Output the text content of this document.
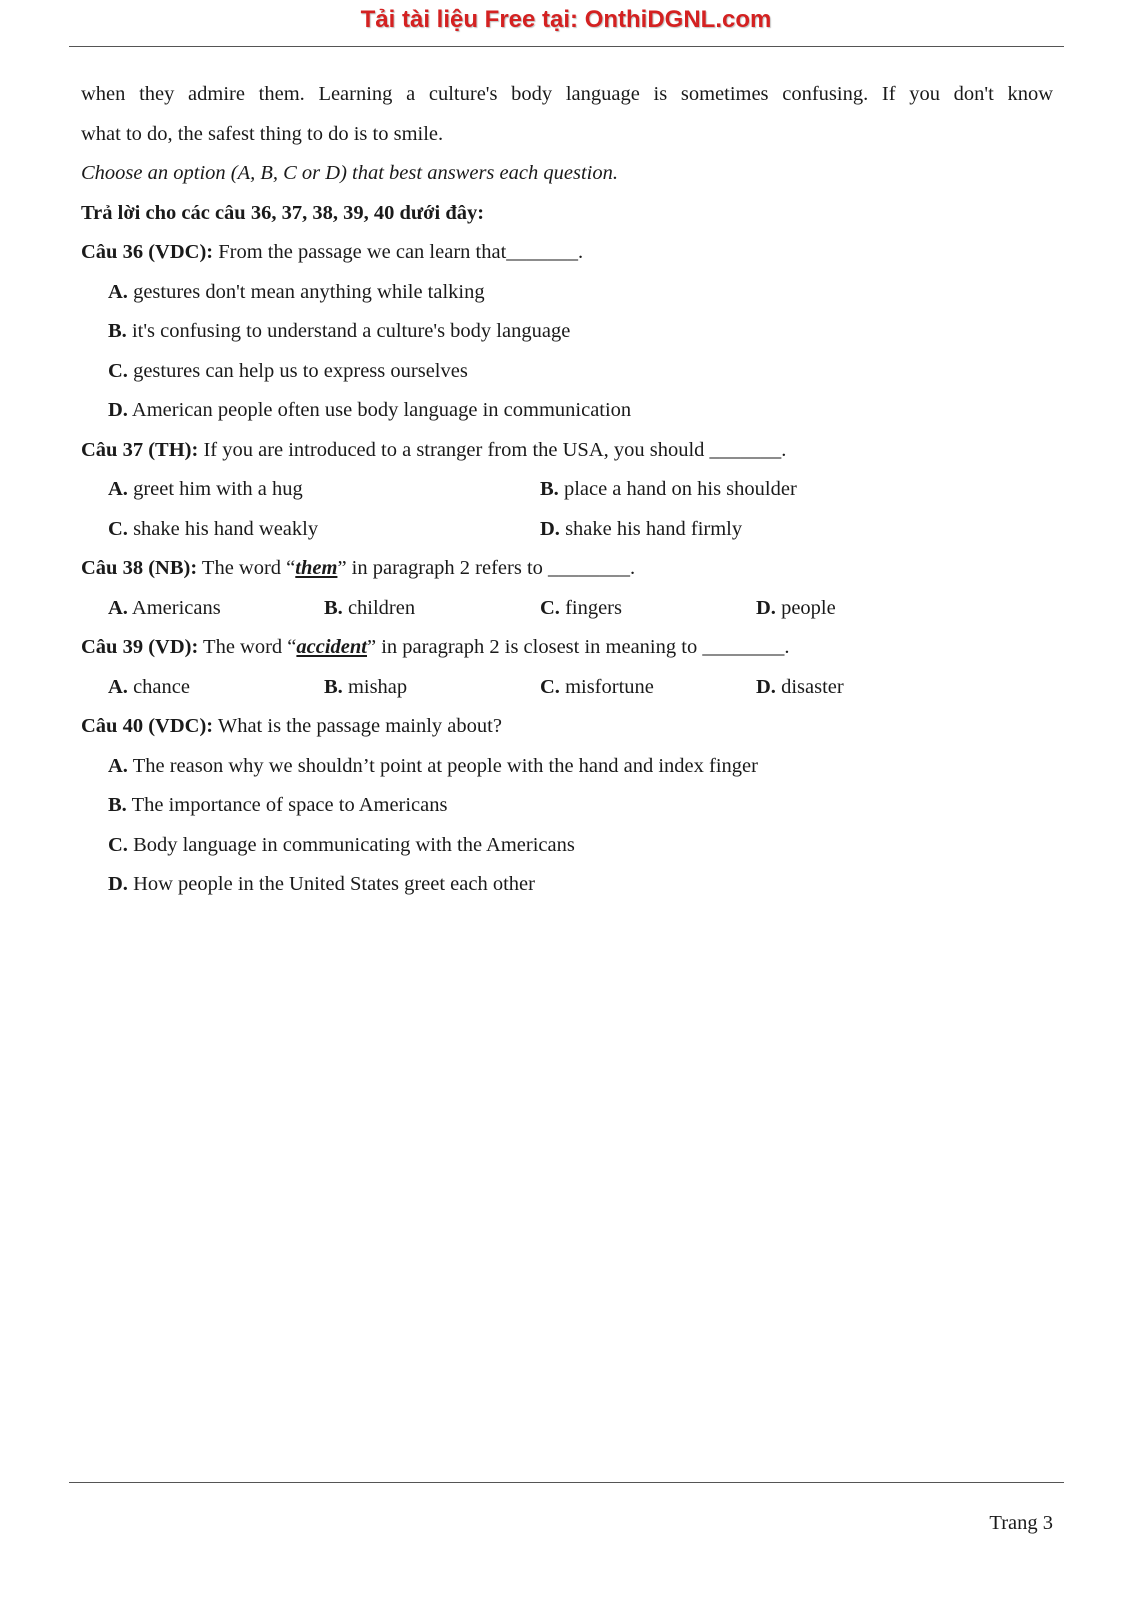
Tải tài liệu Free tại: OnthiDGNL.com
when they admire them. Learning a culture's body language is sometimes confusing. If you don't know
what to do, the safest thing to do is to smile.
Choose an option (A, B, C or D) that best answers each question.
Trả lời cho các câu 36, 37, 38, 39, 40 dưới đây:
Câu 36 (VDC): From the passage we can learn that_______.
A. gestures don't mean anything while talking
B. it's confusing to understand a culture's body language
C. gestures can help us to express ourselves
D. American people often use body language in communication
Câu 37 (TH): If you are introduced to a stranger from the USA, you should _______.
A. greet him with a hug	B. place a hand on his shoulder
C. shake his hand weakly	D. shake his hand firmly
Câu 38 (NB): The word “them” in paragraph 2 refers to ________.
A. Americans	B. children	C. fingers	D. people
Câu 39 (VD): The word “accident” in paragraph 2 is closest in meaning to ________.
A. chance	B. mishap	C. misfortune	D. disaster
Câu 40 (VDC): What is the passage mainly about?
A. The reason why we shouldn’t point at people with the hand and index finger
B. The importance of space to Americans
C. Body language in communicating with the Americans
D. How people in the United States greet each other
Trang 3
